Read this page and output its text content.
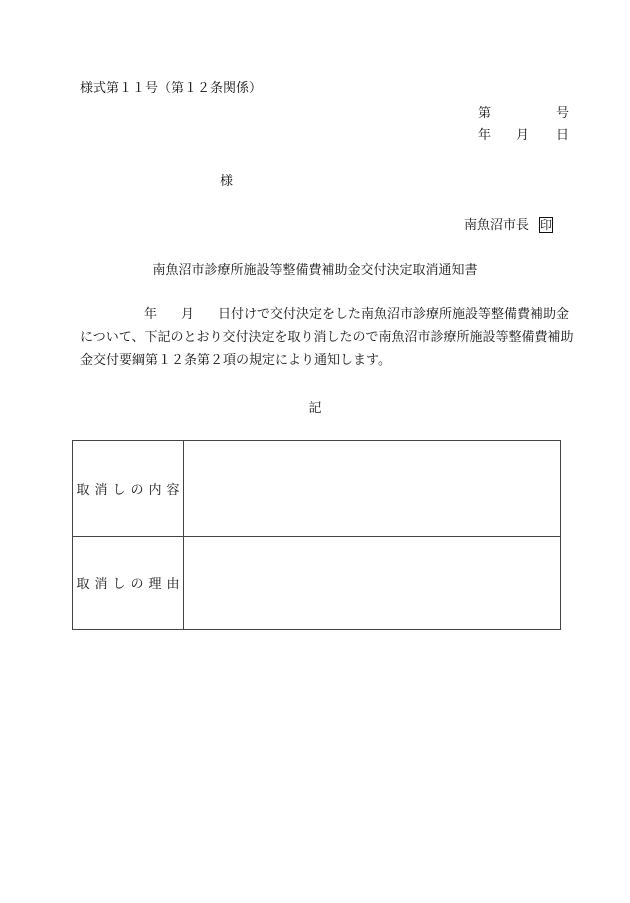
様式第１１号（第１２条関係）
第	号
年 月 日
様
南魚沼市長 印
南魚沼市診療所施設等整備費補助金交付決定取消通知書
年 月 日付けで交付決定をした南魚沼市診療所施設等整備費補助金
について、下記のとおり交付決定を取り消したので南魚沼市診療所施設等整備費補助
金交付要綱第１２条第２項の規定により通知します。
記
取消しの内容
取消しの理由
